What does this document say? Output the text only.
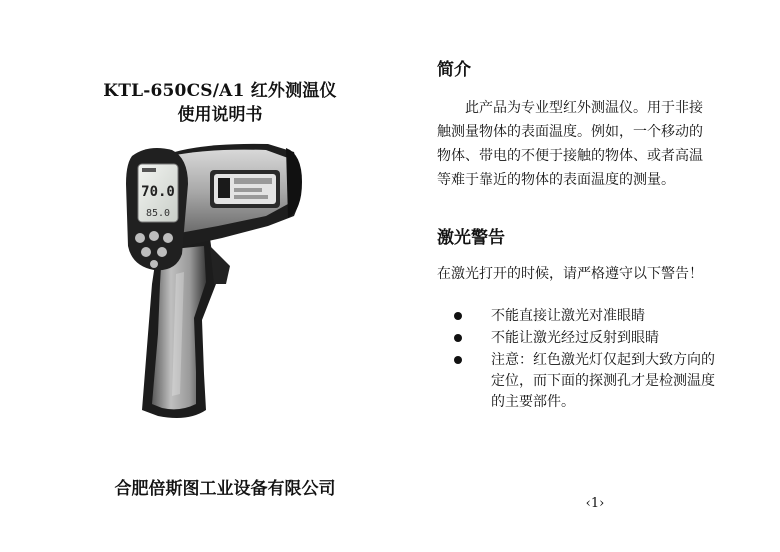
KTL-650CS/A1 红外测温仪
使用说明书
70.0
85.0
合肥倍斯图工业设备有限公司
简介
此产品为专业型红外测温仪。用于非接
触测量物体的表面温度。例如，一个移动的
物体、带电的不便于接触的物体、或者高温
等难于靠近的物体的表面温度的测量。
激光警告
在激光打开的时候，请严格遵守以下警告！
不能直接让激光对准眼睛
不能让激光经过反射到眼睛
注意：红色激光灯仅起到大致方向的
定位，而下面的探测孔才是检测温度
的主要部件。
‹1›
